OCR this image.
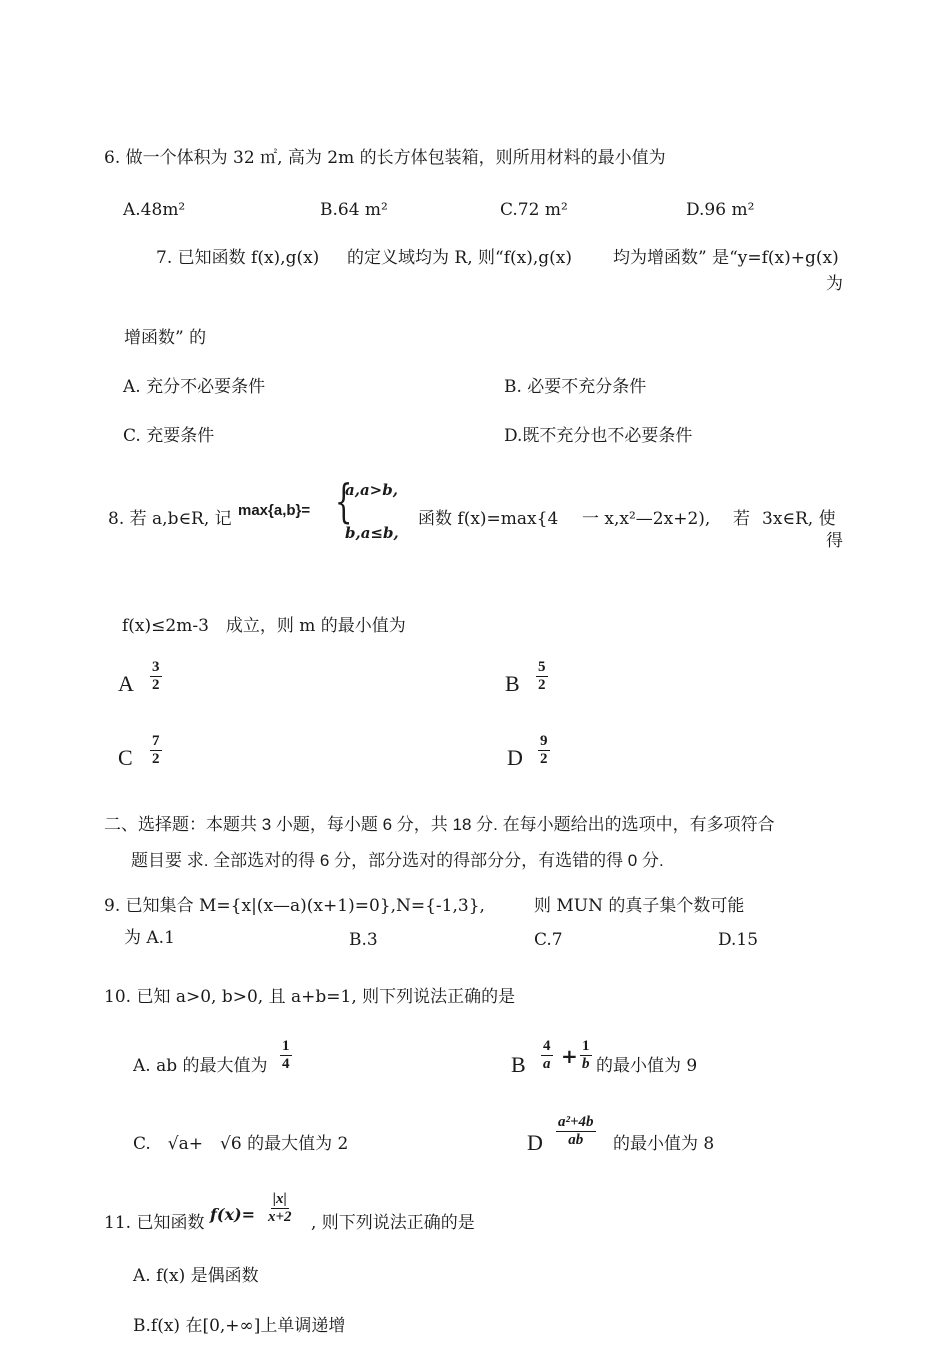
6. 做一个体积为 32 ㎡, 高为 2m 的长方体包装箱，则所用材料的最小值为
A.48m²	B.64 m²	C.72 m²	D.96 m²
7. 已知函数 f(x),g(x) 的定义域均为 R, 则“f(x),g(x) 均为增函数” 是“y=f(x)+g(x)
为
增函数” 的
A. 充分不必要条件	B. 必要不充分条件
C. 充要条件	D.既不充分也不必要条件
8. 若 a,b∈R, 记 max{a,b}= {
a,a>b,
b,a≤b,
函数 f(x)=max{4 一 x,x²—2x+2), 若 3x∈R, 使
得
f(x)≤2m-3　成立，则 m 的最小值为
A $\frac{3}{2}$	B $\frac{5}{2}$
C $\frac{7}{2}$	D $\frac{9}{2}$
二、选择题：本题共 3 小题，每小题 6 分，共 18 分. 在每小题给出的选项中，有多项符合
题目要 求. 全部选对的得 6 分，部分选对的得部分分，有选错的得 0 分.
9. 已知集合 M={x|(x—a)(x+1)=0},N={-1,3},	则 MUN 的真子集个数可能
为 A.1	B.3	C.7	D.15
10. 已知 a>0, b>0, 且 a+b=1, 则下列说法正确的是
A. ab 的最大值为 $\frac{1}{4}$	B $\frac{4}{a} + \frac{1}{b}$ 的最小值为 9
C.　√a+　√6 的最大值为 2	D $\frac{\text{a²+4b}}{ab}$ 的最小值为 8
11. 已知函数 $f(x)= \frac{|x|}{x+2}$ , 则下列说法正确的是
A. f(x) 是偶函数
B.f(x) 在[0,+∞]上单调递增
